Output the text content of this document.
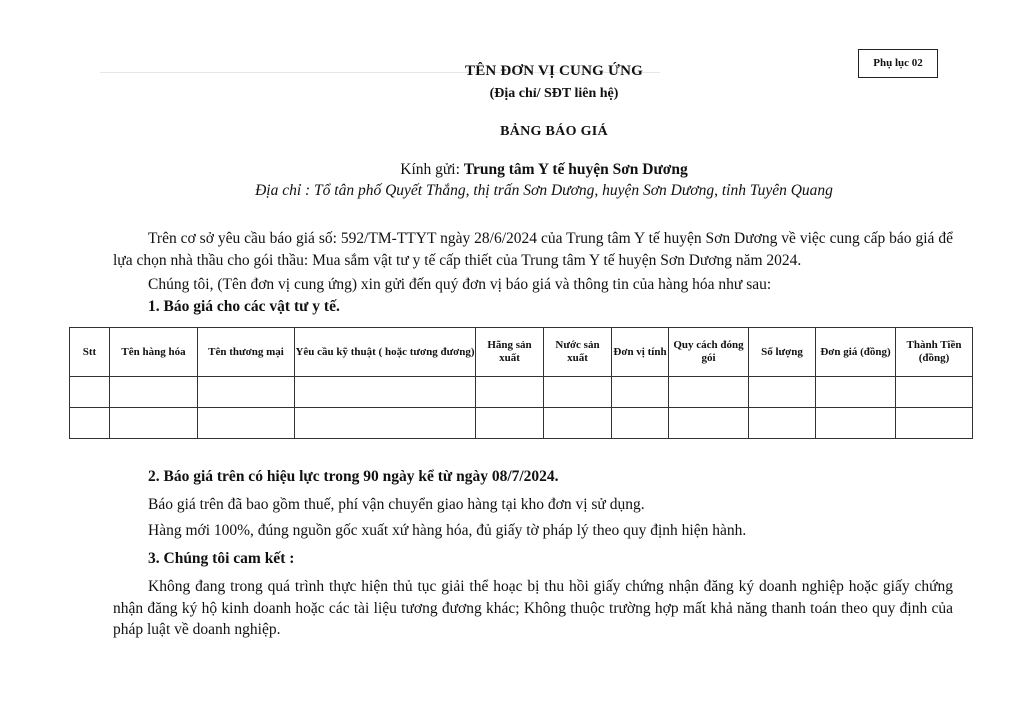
Phụ lục 02
TÊN ĐƠN VỊ CUNG ỨNG
(Địa chỉ/ SĐT liên hệ)
BẢNG BÁO GIÁ
Kính gửi: Trung tâm Y tế huyện Sơn Dương
Địa chỉ : Tổ tân phố Quyết Thắng, thị trấn Sơn Dương, huyện Sơn Dương, tỉnh Tuyên Quang
Trên cơ sở yêu cầu báo giá số: 592/TM-TTYT ngày 28/6/2024 của Trung tâm Y tế huyện Sơn Dương về việc cung cấp báo giá để lựa chọn nhà thầu cho gói thầu: Mua sắm vật tư y tế cấp thiết của Trung tâm Y tế huyện Sơn Dương năm 2024.
Chúng tôi, (Tên đơn vị cung ứng) xin gửi đến quý đơn vị báo giá và thông tin của hàng hóa như sau:
1. Báo giá cho các vật tư y tế.
Stt	Tên hàng hóa	Tên thương mại	Yêu cầu kỹ thuật ( hoặc tương đương)	Hãng sản xuất	Nước sản xuất	Đơn vị tính	Quy cách đóng gói	Số lượng	Đơn giá (đồng)	Thành Tiền (đồng)

2. Báo giá trên có hiệu lực trong 90 ngày kể từ ngày 08/7/2024.
Báo giá trên đã bao gồm thuế, phí vận chuyển giao hàng tại kho đơn vị sử dụng.
Hàng mới 100%, đúng nguồn gốc xuất xứ hàng hóa, đủ giấy tờ pháp lý theo quy định hiện hành.
3. Chúng tôi cam kết :
Không đang trong quá trình thực hiện thủ tục giải thể hoạc bị thu hồi giấy chứng nhận đăng ký doanh nghiệp hoặc giấy chứng nhận đăng ký hộ kinh doanh hoặc các tài liệu tương đương khác; Không thuộc trường hợp mất khả năng thanh toán theo quy định của pháp luật về doanh nghiệp.
